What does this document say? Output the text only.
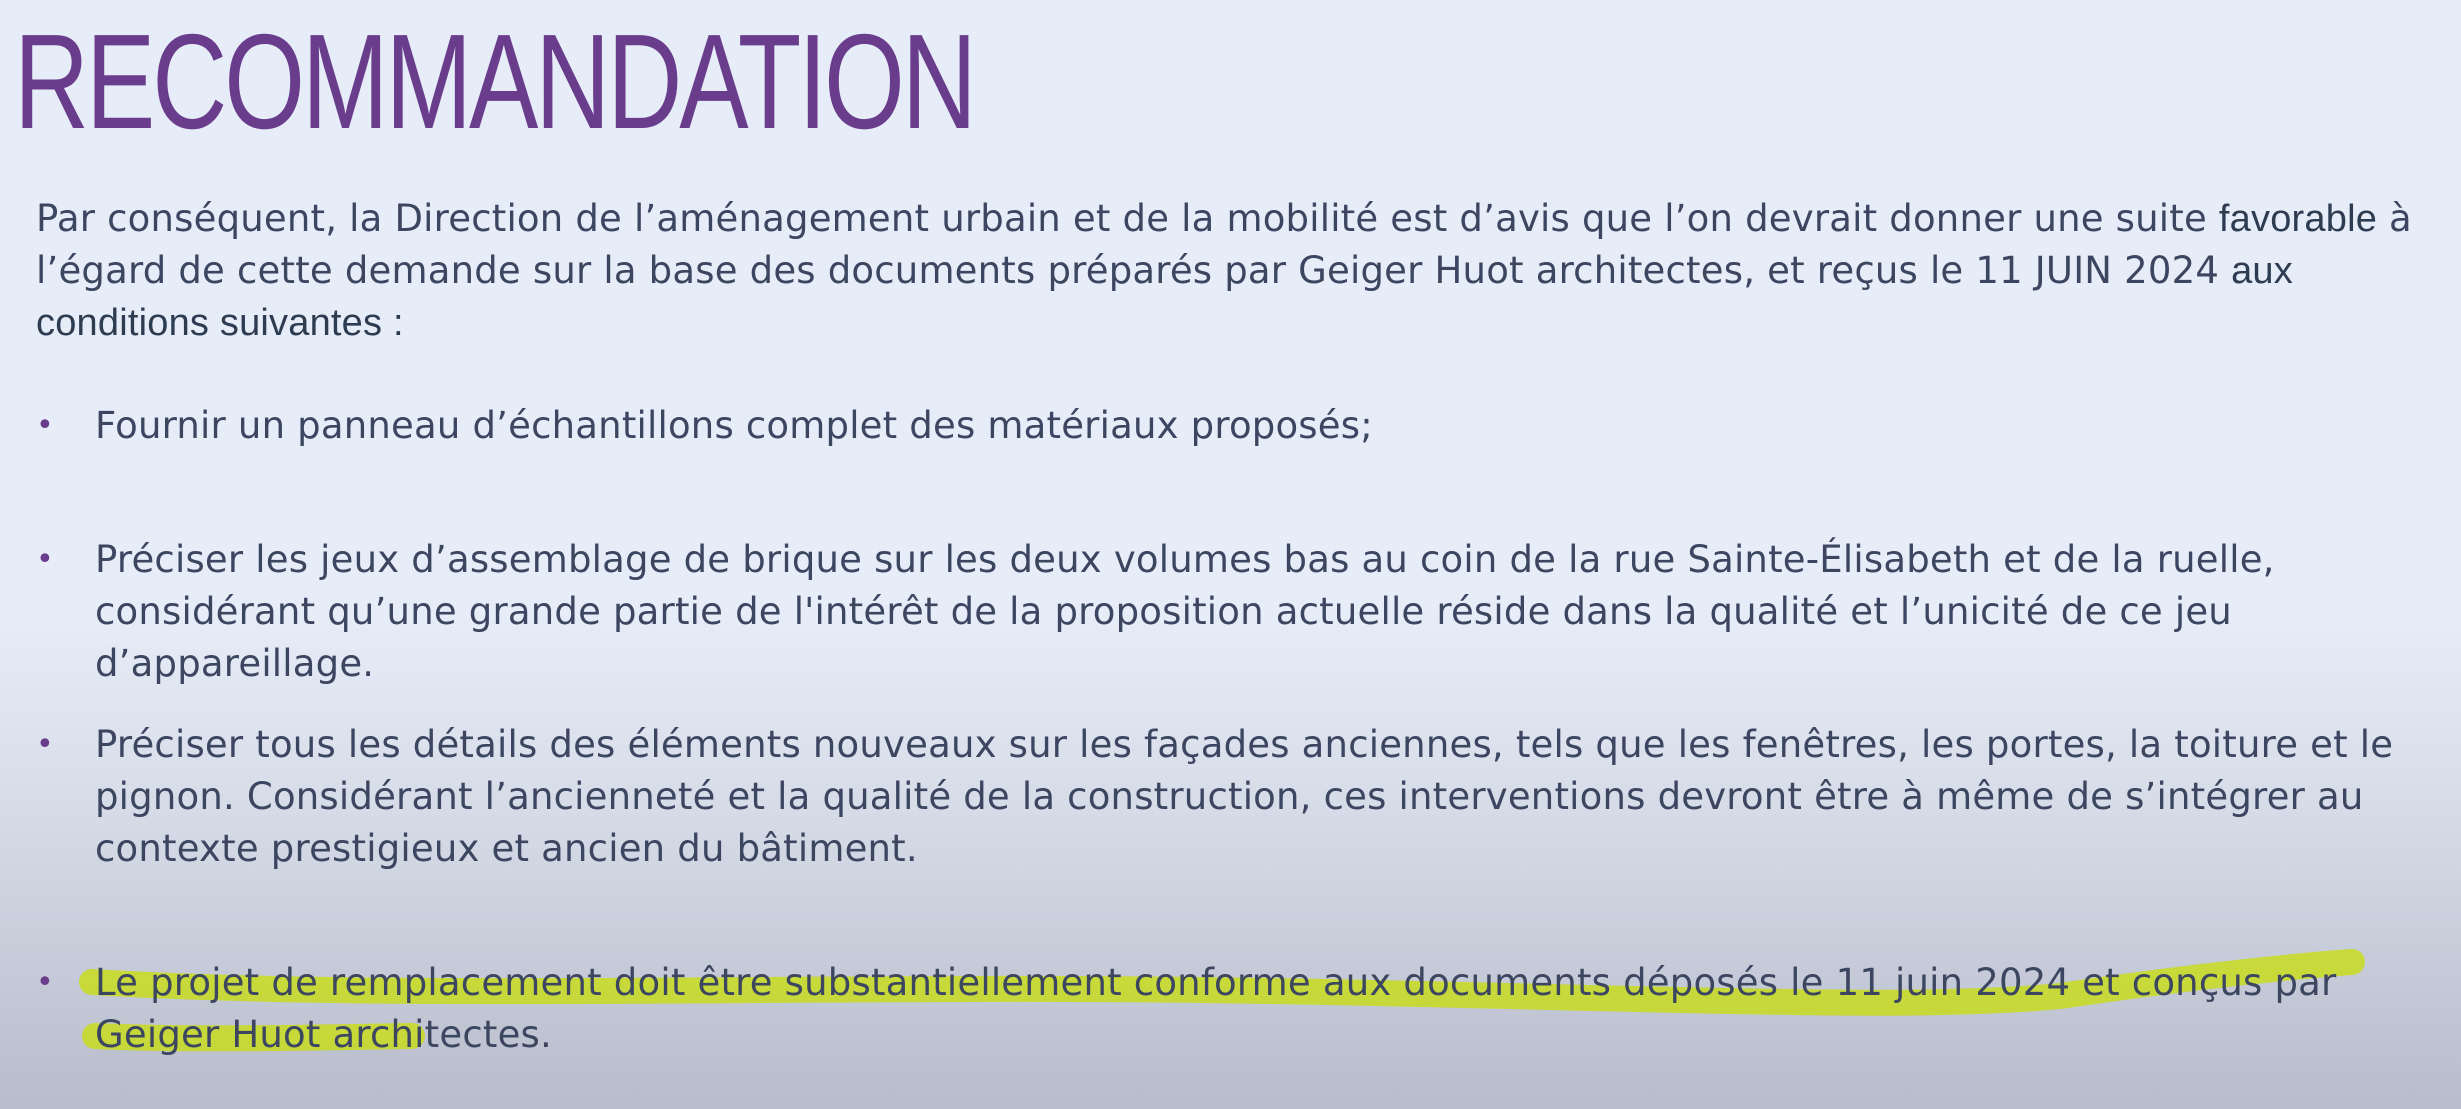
RECOMMANDATION
Par conséquent, la Direction de l’aménagement urbain et de la mobilité est d’avis que l’on devrait donner une suite favorable à l’égard de cette demande sur la base des documents préparés par Geiger Huot architectes, et reçus le 11 JUIN 2024 aux conditions suivantes :
• Fournir un panneau d’échantillons complet des matériaux proposés;
• Préciser les jeux d’assemblage de brique sur les deux volumes bas au coin de la rue Sainte-Élisabeth et de la ruelle, considérant qu’une grande partie de l'intérêt de la proposition actuelle réside dans la qualité et l’unicité de ce jeu d’appareillage.
• Préciser tous les détails des éléments nouveaux sur les façades anciennes, tels que les fenêtres, les portes, la toiture et le pignon. Considérant l’ancienneté et la qualité de la construction, ces interventions devront être à même de s’intégrer au contexte prestigieux et ancien du bâtiment.
• Le projet de remplacement doit être substantiellement conforme aux documents déposés le 11 juin 2024 et conçus par Geiger Huot architectes.
